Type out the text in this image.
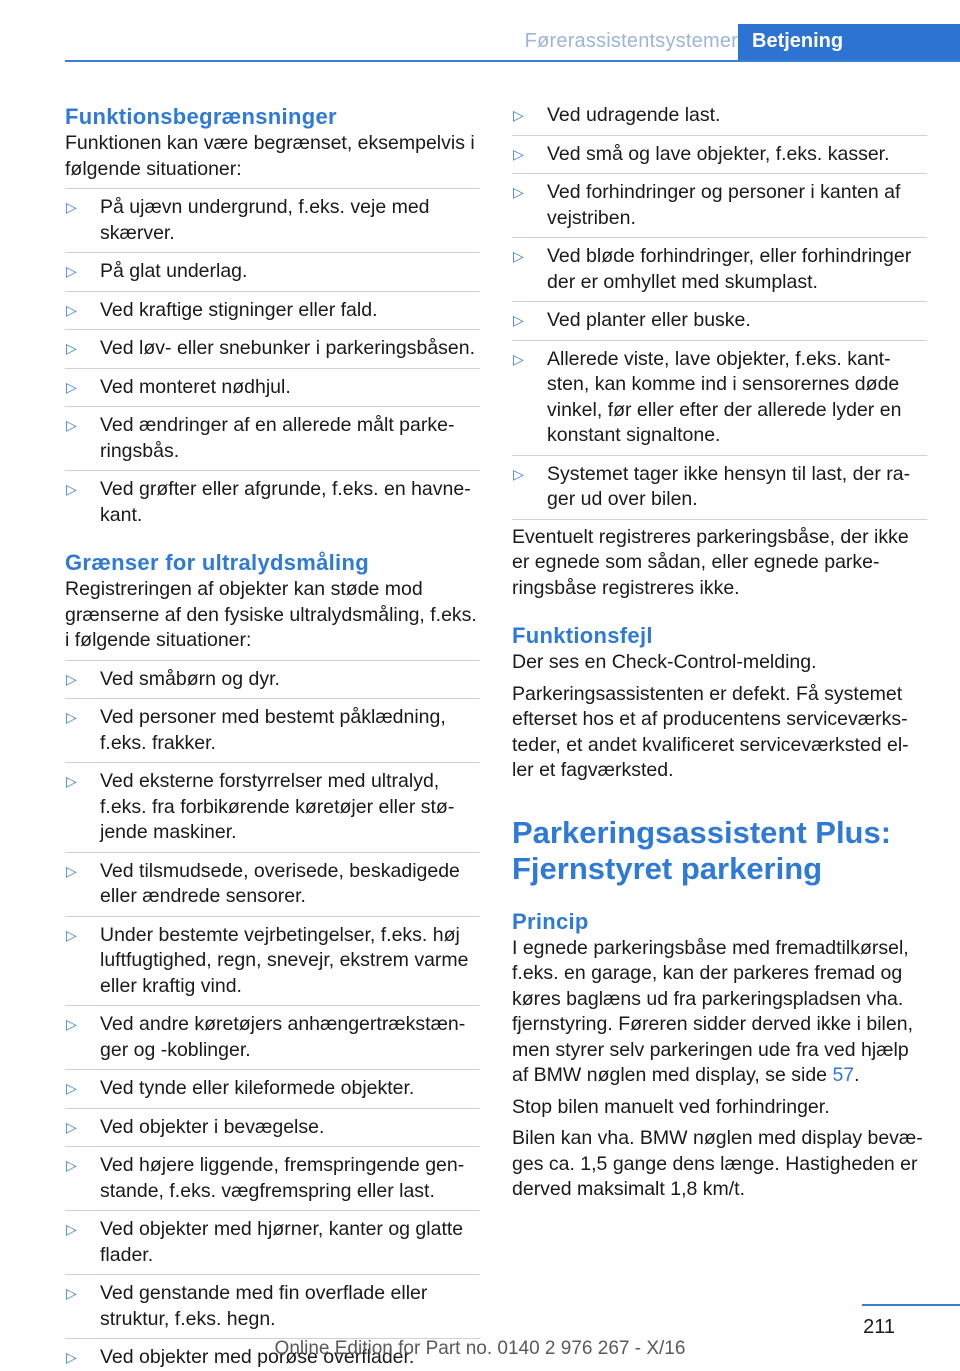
Førerassistentsystemer Betjening
Funktionsbegrænsninger

Funktionen kan være begrænset, eksempelvis i følgende situationer:

▷	På ujævn undergrund, f.eks. veje med skærver.
▷	På glat underlag.
▷	Ved kraftige stigninger eller fald.
▷	Ved løv- eller snebunker i parkeringsbåsen.
▷	Ved monteret nødhjul.
▷	Ved ændringer af en allerede målt parke‐ringsbås.
▷	Ved grøfter eller afgrunde, f.eks. en havne‐kant.
Grænser for ultralydsmåling

Registreringen af objekter kan støde mod grænserne af den fysiske ultralydsmåling, f.eks. i følgende situationer:

▷	Ved småbørn og dyr.
▷	Ved personer med bestemt påklædning, f.eks. frakker.
▷	Ved eksterne forstyrrelser med ultralyd, f.eks. fra forbikørende køretøjer eller stø‐jende maskiner.
▷	Ved tilsmudsede, overisede, beskadigede eller ændrede sensorer.
▷	Under bestemte vejrbetingelser, f.eks. høj luftfugtighed, regn, snevejr, ekstrem varme eller kraftig vind.
▷	Ved andre køretøjers anhængertrækstæn‐ger og -koblinger.
▷	Ved tynde eller kileformede objekter.
▷	Ved objekter i bevægelse.
▷	Ved højere liggende, fremspringende gen‐stande, f.eks. vægfremspring eller last.
▷	Ved objekter med hjørner, kanter og glatte flader.
▷	Ved genstande med fin overflade eller struktur, f.eks. hegn.
▷	Ved objekter med porøse overflader.
▷	Ved udragende last.
▷	Ved små og lave objekter, f.eks. kasser.
▷	Ved forhindringer og personer i kanten af vejstriben.
▷	Ved bløde forhindringer, eller forhindringer der er omhyllet med skumplast.
▷	Ved planter eller buske.
▷	Allerede viste, lave objekter, f.eks. kant‐sten, kan komme ind i sensorernes døde vinkel, før eller efter der allerede lyder en konstant signaltone.
▷	Systemet tager ikke hensyn til last, der ra‐ger ud over bilen.

Eventuelt registreres parkeringsbåse, der ikke er egnede som sådan, eller egnede parke‐ringsbåse registreres ikke.

Funktionsfejl

Der ses en Check-Control-melding.

Parkeringsassistenten er defekt. Få systemet efterset hos et af producentens serviceværks‐teder, et andet kvalificeret serviceværksted el‐ler et fagværksted.

Parkeringsassistent Plus:
Fjernstyret parkering
Princip

I egnede parkeringsbåse med fremadtilkørsel, f.eks. en garage, kan der parkeres fremad og køres baglæns ud fra parkeringspladsen vha. fjernstyring. Føreren sidder derved ikke i bilen, men styrer selv parkeringen ude fra ved hjælp af BMW nøglen med display, se side 57.

Stop bilen manuelt ved forhindringer.

Bilen kan vha. BMW nøglen med display bevæ‐ges ca. 1,5 gange dens længe. Hastigheden er derved maksimalt 1,8 km/t.

211
Online Edition for Part no. 0140 2 976 267 - X/16
